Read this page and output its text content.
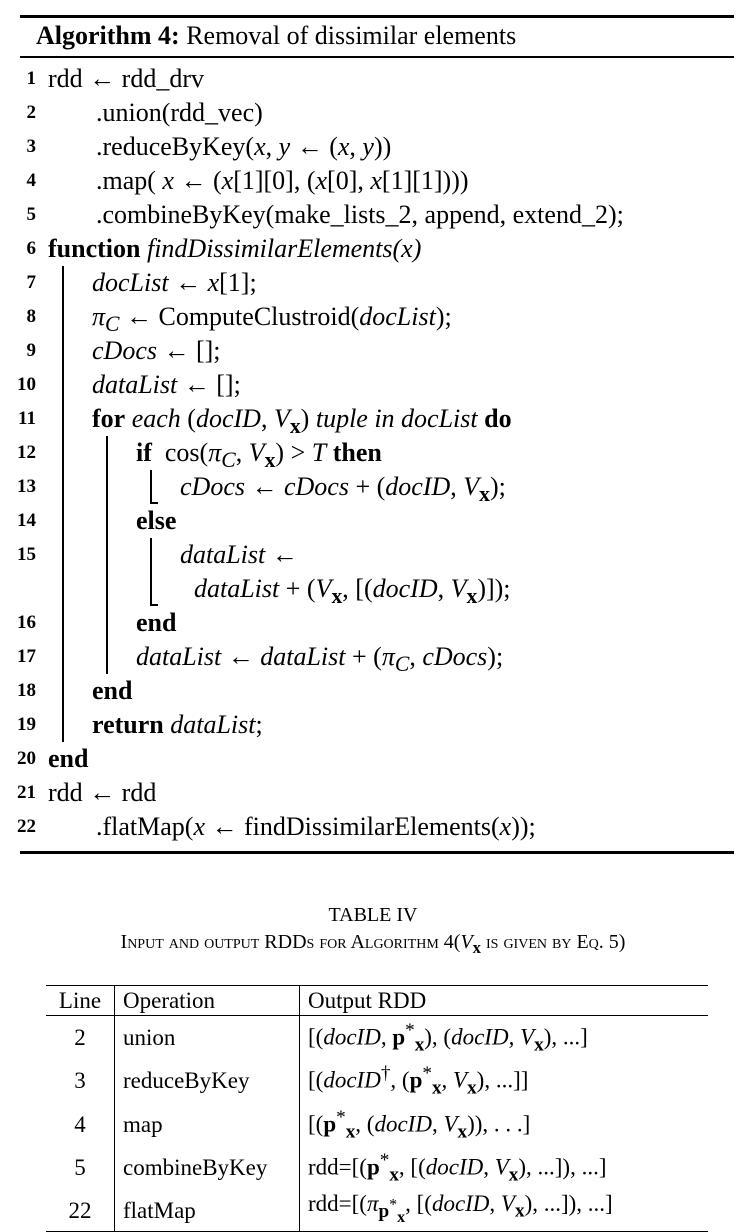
Algorithm 4: Removal of dissimilar elements
1 rdd ← rdd_drv
2 .union(rdd_vec)
3 .reduceByKey(x, y ← (x, y))
4 .map( x ← (x[1][0], (x[0], x[1][1])))
5 .combineByKey(make_lists_2, append, extend_2);
6 function findDissimilarElements(x)
7 docList ← x[1];
8 $\pi_C$ ← ComputeClustroid(docList);
9 cDocs ← [];
10 dataList ← [];
11 for each (docID, $V_x$) tuple in docList do
12	if  $\cos(\pi_C$, $V_x) > T$ then
13	cDocs ← cDocs + (docID, $V_x$);
14	else
15	dataList ←
dataList + ($V_x$, [(docID, $V_x$)]);
16	end
17	dataList ← dataList + ($\pi_C$, cDocs);
18 end
19 return dataList;
20 end
21 rdd ← rdd
22 .flatMap(x ← findDissimilarElements(x));
TABLE IV
Input and output RDDs for Algorithm $4(V_x$ is given by Eq. 5)
Line	Operation	Output RDD
2	union	[(docID, $p^*_x$), (docID, $V_x$), ...]
3	reduceByKey	[(docID†, ($p^*_x$, $V_x$), ...]]
4	map	[($p^*_x$, (docID, $V_x$)), . . .]
5	combineByKey	$rdd=[(p^*_x$, [(docID, $V_x$), ...]), ...]
22	flatMap	$rdd=[(\pi_{p^*_x}$, [(docID, $V_x$), ...]), ...]
